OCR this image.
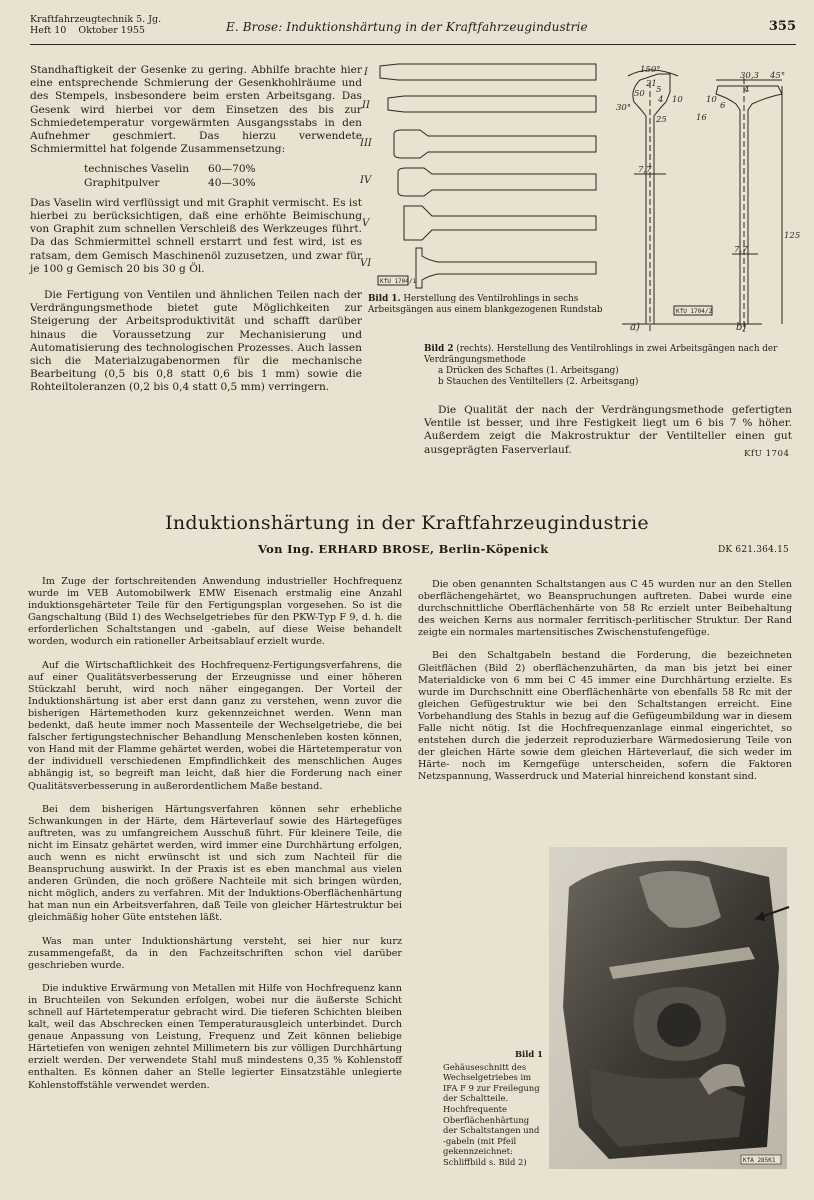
Kraftfahrzeugtechnik 5. Jg.
Heft 10    Oktober 1955	E. Brose: Induktionshärtung in der Kraftfahrzeugindustrie	355

Standhaftigkeit der Gesenke zu gering. Abhilfe brachte hier eine entsprechende Schmierung der Gesenkhohlräume und des Stempels, insbesondere beim ersten Arbeitsgang. Das Gesenk wird hierbei vor dem Einsetzen des bis zur Schmiedetemperatur vorgewärmten Ausgangsstabs in den Aufnehmer geschmiert. Das hierzu verwendete Schmiermittel hat folgende Zusammensetzung:

technisches Vaselin	60—70%
Graphitpulver	40—30%

Das Vaselin wird verflüssigt und mit Graphit vermischt. Es ist hierbei zu berücksichtigen, daß eine erhöhte Beimischung von Graphit zum schnellen Verschleiß des Werkzeuges führt. Da das Schmiermittel schnell erstarrt und fest wird, ist es ratsam, dem Gemisch Maschinenöl zuzusetzen, und zwar für je 100 g Gemisch 20 bis 30 g Öl.

Die Fertigung von Ventilen und ähnlichen Teilen nach der Verdrängungsmethode bietet gute Möglichkeiten zur Steigerung der Arbeitsproduktivität und schafft darüber hinaus die Voraussetzung zur Mechanisierung und Automatisierung des technologischen Prozesses. Auch lassen sich die Materialzugabenormen für die mechanische Bearbeitung (0,5 bis 0,8 statt 0,6 bis 1 mm) sowie die Rohteiltoleranzen (0,2 bis 0,4 statt 0,5 mm) verringern.

I
II
III
IV
V
VI
KfU 1704/1
Bild 1. Herstellung des Ventilrohlings in sechs Arbeitsgängen aus einem blankgezogenen Rundstab
150°
21
5
50
10
4
30°
25
7,7
a)
30,3 45°
4
6
10
16
7,7
125
KfU 1704/2
b)
Bild 2 (rechts). Herstellung des Ventilrohlings in zwei Arbeitsgängen nach der Verdrängungsmethode
a Drücken des Schaftes (1. Arbeitsgang)
b Stauchen des Ventiltellers (2. Arbeitsgang)

Die Qualität der nach der Verdrängungsmethode gefertigten Ventile ist besser, und ihre Festigkeit liegt um 6 bis 7 % höher. Außerdem zeigt die Makrostruktur der Ventilteller einen gut ausgeprägten Faserverlauf.	KfU 1704
Induktionshärtung in der Kraftfahrzeugindustrie
Von Ing. ERHARD BROSE, Berlin-Köpenick	DK 621.364.15

Im Zuge der fortschreitenden Anwendung industrieller Hochfrequenz wurde im VEB Automobilwerk EMW Eisenach erstmalig eine Anzahl induktionsgehärteter Teile für den Fertigungsplan vorgesehen. So ist die Gangschaltung (Bild 1) des Wechselgetriebes für den PKW-Typ F 9, d. h. die erforderlichen Schaltstangen und -gabeln, auf diese Weise behandelt worden, wodurch ein rationeller Arbeitsablauf erzielt wurde.

Auf die Wirtschaftlichkeit des Hochfrequenz-Fertigungsverfahrens, die auf einer Qualitätsverbesserung der Erzeugnisse und einer höheren Stückzahl beruht, wird noch näher eingegangen. Der Vorteil der Induktionshärtung ist aber erst dann ganz zu verstehen, wenn zuvor die bisherigen Härtemethoden kurz gekennzeichnet werden. Wenn man bedenkt, daß heute immer noch Massenteile der Wechselgetriebe, die bei falscher fertigungstechnischer Behandlung Menschenleben kosten können, von Hand mit der Flamme gehärtet werden, wobei die Härtetemperatur von der individuell verschiedenen Empfindlichkeit des menschlichen Auges abhängig ist, so begreift man leicht, daß hier die Forderung nach einer Qualitätsverbesserung in außerordentlichem Maße bestand.

Bei dem bisherigen Härtungsverfahren können sehr erhebliche Schwankungen in der Härte, dem Härteverlauf sowie des Härtegefüges auftreten, was zu umfangreichem Ausschuß führt. Für kleinere Teile, die nicht im Einsatz gehärtet werden, wird immer eine Durchhärtung erfolgen, auch wenn es nicht erwünscht ist und sich zum Nachteil für die Beanspruchung auswirkt. In der Praxis ist es eben manchmal aus vielen anderen Gründen, die noch größere Nachteile mit sich bringen würden, nicht möglich, anders zu verfahren. Mit der Induktions-Oberflächenhärtung hat man nun ein Arbeitsverfahren, daß Teile von gleicher Härtestruktur bei gleichmäßig hoher Güte entstehen läßt.

Was man unter Induktionshärtung versteht, sei hier nur kurz zusammengefaßt, da in den Fachzeitschriften schon viel darüber geschrieben wurde.

Die induktive Erwärmung von Metallen mit Hilfe von Hochfrequenz kann in Bruchteilen von Sekunden erfolgen, wobei nur die äußerste Schicht schnell auf Härtetemperatur gebracht wird. Die tieferen Schichten bleiben kalt, weil das Abschrecken einen Temperaturausgleich unterbindet. Durch genaue Anpassung von Leistung, Frequenz und Zeit können beliebige Härtetiefen von wenigen zehntel Millimetern bis zur völligen Durchhärtung erzielt werden. Der verwendete Stahl muß mindestens 0,35 % Kohlenstoff enthalten. Es können daher an Stelle legierter Einsatzstähle unlegierte Kohlenstoffstähle verwendet werden.

Die oben genannten Schaltstangen aus C 45 wurden nur an den Stellen oberflächengehärtet, wo Beanspruchungen auftreten. Dabei wurde eine durchschnittliche Oberflächenhärte von 58 Rc erzielt unter Beibehaltung des weichen Kerns aus normaler ferritisch-perlitischer Struktur. Der Rand zeigte ein normales martensitisches Zwischenstufengefüge.

Bei den Schaltgabeln bestand die Forderung, die bezeichneten Gleitflächen (Bild 2) oberflächenzuhärten, da man bis jetzt bei einer Materialdicke von 6 mm bei C 45 immer eine Durchhärtung erzielte. Es wurde im Durchschnitt eine Oberflächenhärte von ebenfalls 58 Rc mit der gleichen Gefügestruktur wie bei den Schaltstangen erreicht. Eine Vorbehandlung des Stahls in bezug auf die Gefügeumbildung war in diesem Falle nicht nötig. Ist die Hochfrequenzanlage einmal eingerichtet, so entstehen durch die jederzeit reproduzierbare Wärmedosierung Teile von der gleichen Härte sowie dem gleichen Härteverlauf, die sich weder im Härte- noch im Kerngefüge unterscheiden, sofern die Faktoren Netzspannung, Wasserdruck und Material hinreichend konstant sind.

KfA 285K1
Bild 1
Gehäuseschnitt des Wechselgetriebes im IFA F 9 zur Freilegung der Schaltteile. Hochfrequente Oberflächenhärtung der Schaltstangen und -gabeln (mit Pfeil gekennzeichnet: Schliffbild s. Bild 2)
